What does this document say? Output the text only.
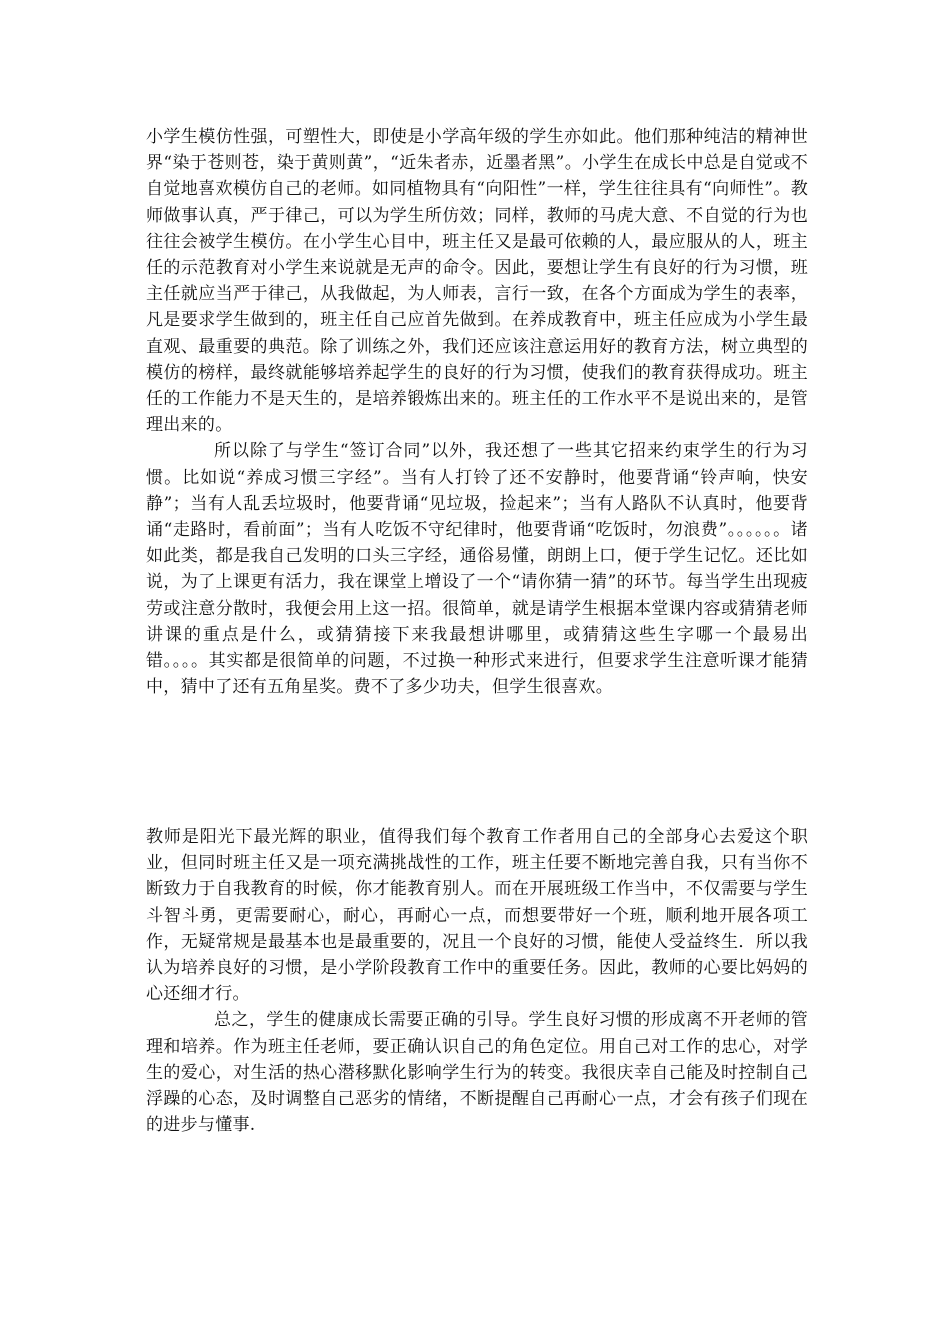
小学生模仿性强，可塑性大，即使是小学高年级的学生亦如此。他们那种纯洁的精神世界“染于苍则苍，染于黄则黄”，“近朱者赤，近墨者黑”。小学生在成长中总是自觉或不自觉地喜欢模仿自己的老师。如同植物具有“向阳性”一样，学生往往具有“向师性”。教师做事认真，严于律己，可以为学生所仿效；同样，教师的马虎大意、不自觉的行为也往往会被学生模仿。在小学生心目中，班主任又是最可依赖的人，最应服从的人，班主任的示范教育对小学生来说就是无声的命令。因此，要想让学生有良好的行为习惯，班主任就应当严于律己，从我做起，为人师表，言行一致，在各个方面成为学生的表率，凡是要求学生做到的，班主任自己应首先做到。在养成教育中，班主任应成为小学生最直观、最重要的典范。除了训练之外，我们还应该注意运用好的教育方法，树立典型的模仿的榜样，最终就能够培养起学生的良好的行为习惯，使我们的教育获得成功。班主任的工作能力不是天生的，是培养锻炼出来的。班主任的工作水平不是说出来的，是管理出来的。

所以除了与学生“签订合同”以外，我还想了一些其它招来约束学生的行为习惯。比如说“养成习惯三字经”。当有人打铃了还不安静时，他要背诵“铃声响，快安静”；当有人乱丢垃圾时，他要背诵“见垃圾，捡起来”；当有人路队不认真时，他要背诵“走路时，看前面”；当有人吃饭不守纪律时，他要背诵“吃饭时，勿浪费”。。。。。。诸如此类，都是我自己发明的口头三字经，通俗易懂，朗朗上口，便于学生记忆。还比如说，为了上课更有活力，我在课堂上增设了一个“请你猜一猜”的环节。每当学生出现疲劳或注意分散时，我便会用上这一招。很简单，就是请学生根据本堂课内容或猜猜老师讲课的重点是什么，或猜猜接下来我最想讲哪里，或猜猜这些生字哪一个最易出错。。。。其实都是很简单的问题，不过换一种形式来进行，但要求学生注意听课才能猜中，猜中了还有五角星奖。费不了多少功夫，但学生很喜欢。

教师是阳光下最光辉的职业，值得我们每个教育工作者用自己的全部身心去爱这个职业，但同时班主任又是一项充满挑战性的工作，班主任要不断地完善自我，只有当你不断致力于自我教育的时候，你才能教育别人。而在开展班级工作当中，不仅需要与学生斗智斗勇，更需要耐心，耐心，再耐心一点，而想要带好一个班，顺利地开展各项工作，无疑常规是最基本也是最重要的，况且一个良好的习惯，能使人受益终生．所以我认为培养良好的习惯，是小学阶段教育工作中的重要任务。因此，教师的心要比妈妈的心还细才行。

总之，学生的健康成长需要正确的引导。学生良好习惯的形成离不开老师的管理和培养。作为班主任老师，要正确认识自己的角色定位。用自己对工作的忠心，对学生的爱心，对生活的热心潜移默化影响学生行为的转变。我很庆幸自己能及时控制自己浮躁的心态，及时调整自己恶劣的情绪，不断提醒自己再耐心一点，才会有孩子们现在的进步与懂事.
